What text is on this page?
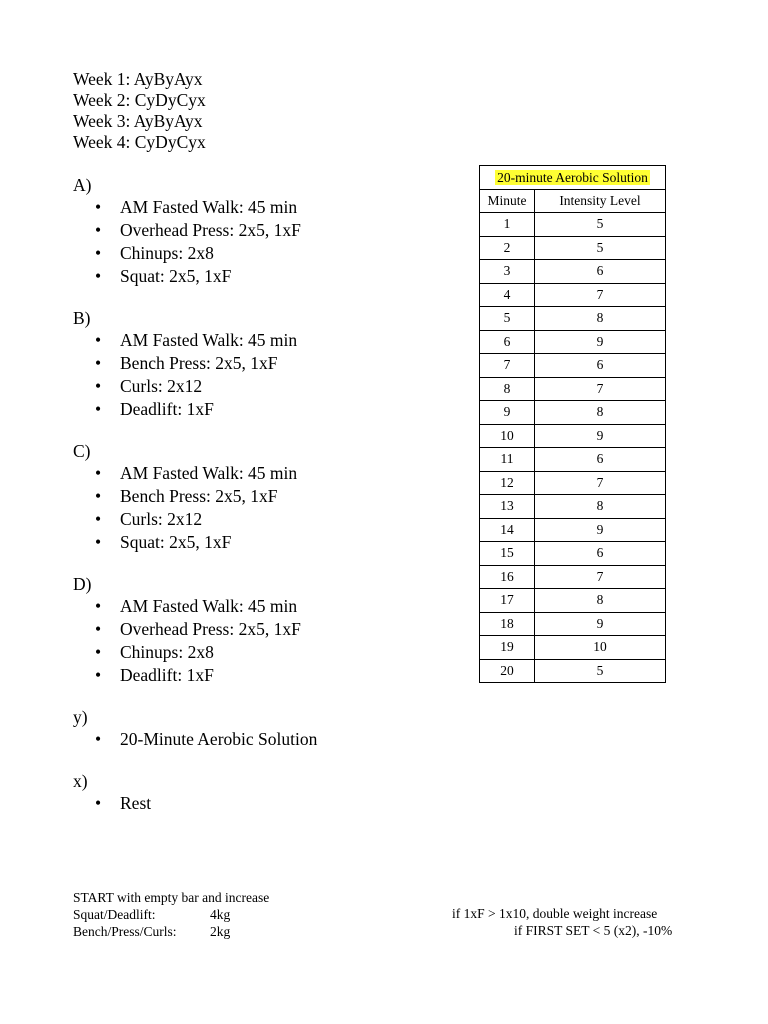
Week 1: AyByAyx
Week 2: CyDyCyx
Week 3: AyByAyx
Week 4: CyDyCyx
A)
• AM Fasted Walk: 45 min
• Overhead Press: 2x5, 1xF
• Chinups: 2x8
• Squat: 2x5, 1xF
B)
• AM Fasted Walk: 45 min
• Bench Press: 2x5, 1xF
• Curls: 2x12
• Deadlift: 1xF
C)
• AM Fasted Walk: 45 min
• Bench Press: 2x5, 1xF
• Curls: 2x12
• Squat: 2x5, 1xF
D)
• AM Fasted Walk: 45 min
• Overhead Press: 2x5, 1xF
• Chinups: 2x8
• Deadlift: 1xF
y)
• 20-Minute Aerobic Solution
x)
• Rest
20-minute Aerobic Solution	
Minute	Intensity Level
1	5
2	5
3	6
4	7
5	8
6	9
7	6
8	7
9	8
10	9
11	6
12	7
13	8
14	9
15	6
16	7
17	8
18	9
19	10
20	5
START with empty bar and increase
Squat/Deadlift:	4kg
Bench/Press/Curls: 2kg
if 1xF > 1x10, double weight increase
if FIRST SET < 5 (x2), -10%
